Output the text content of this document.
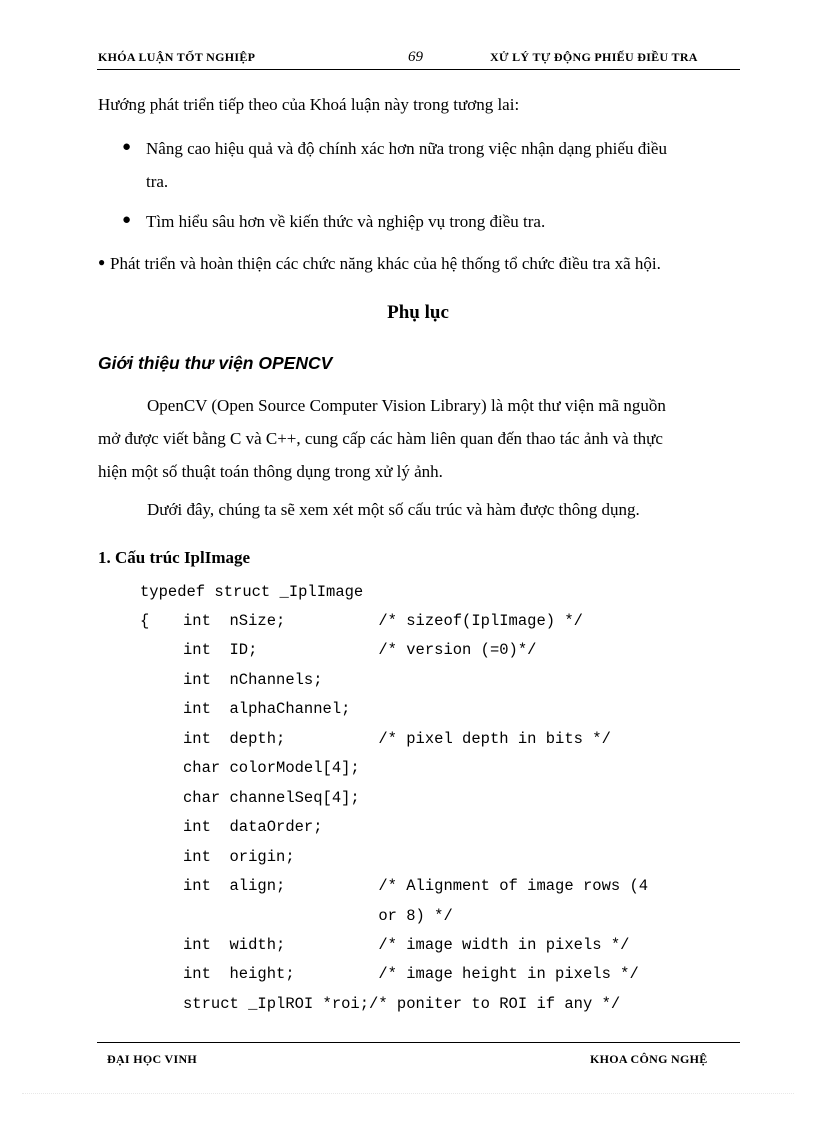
KHÓA LUẬN TỐT NGHIỆP	69	XỬ LÝ TỰ ĐỘNG PHIẾU ĐIỀU TRA
Hướng phát triển tiếp theo của Khoá luận này trong tương lai:
● Nâng cao hiệu quả và độ chính xác hơn nữa trong việc nhận dạng phiếu điều
tra.
● Tìm hiểu sâu hơn về kiến thức và nghiệp vụ trong điều tra.
● Phát triển và hoàn thiện các chức năng khác của hệ thống tổ chức điều tra xã hội.
Phụ lục
Giới thiệu thư viện OPENCV
OpenCV (Open Source Computer Vision Library) là một thư viện mã nguồn
mở được viết bằng C và C++, cung cấp các hàm liên quan đến thao tác ảnh và thực
hiện một số thuật toán thông dụng trong xử lý ảnh.
Dưới đây, chúng ta sẽ xem xét một số cấu trúc và hàm được thông dụng.
1. Cấu trúc IplImage
typedef struct _IplImage
{ int  nSize;          /* sizeof(IplImage) */
int  ID;             /* version (=0)*/
int  nChannels;
int  alphaChannel;
int  depth;          /* pixel depth in bits */
char colorModel[4];
char channelSeq[4];
int  dataOrder;
int  origin;
int  align;          /* Alignment of image rows (4
or 8) */
int  width;          /* image width in pixels */
int  height;         /* image height in pixels */
struct _IplROI *roi;/* poniter to ROI if any */
ĐẠI HỌC VINH	KHOA CÔNG NGHỆ
